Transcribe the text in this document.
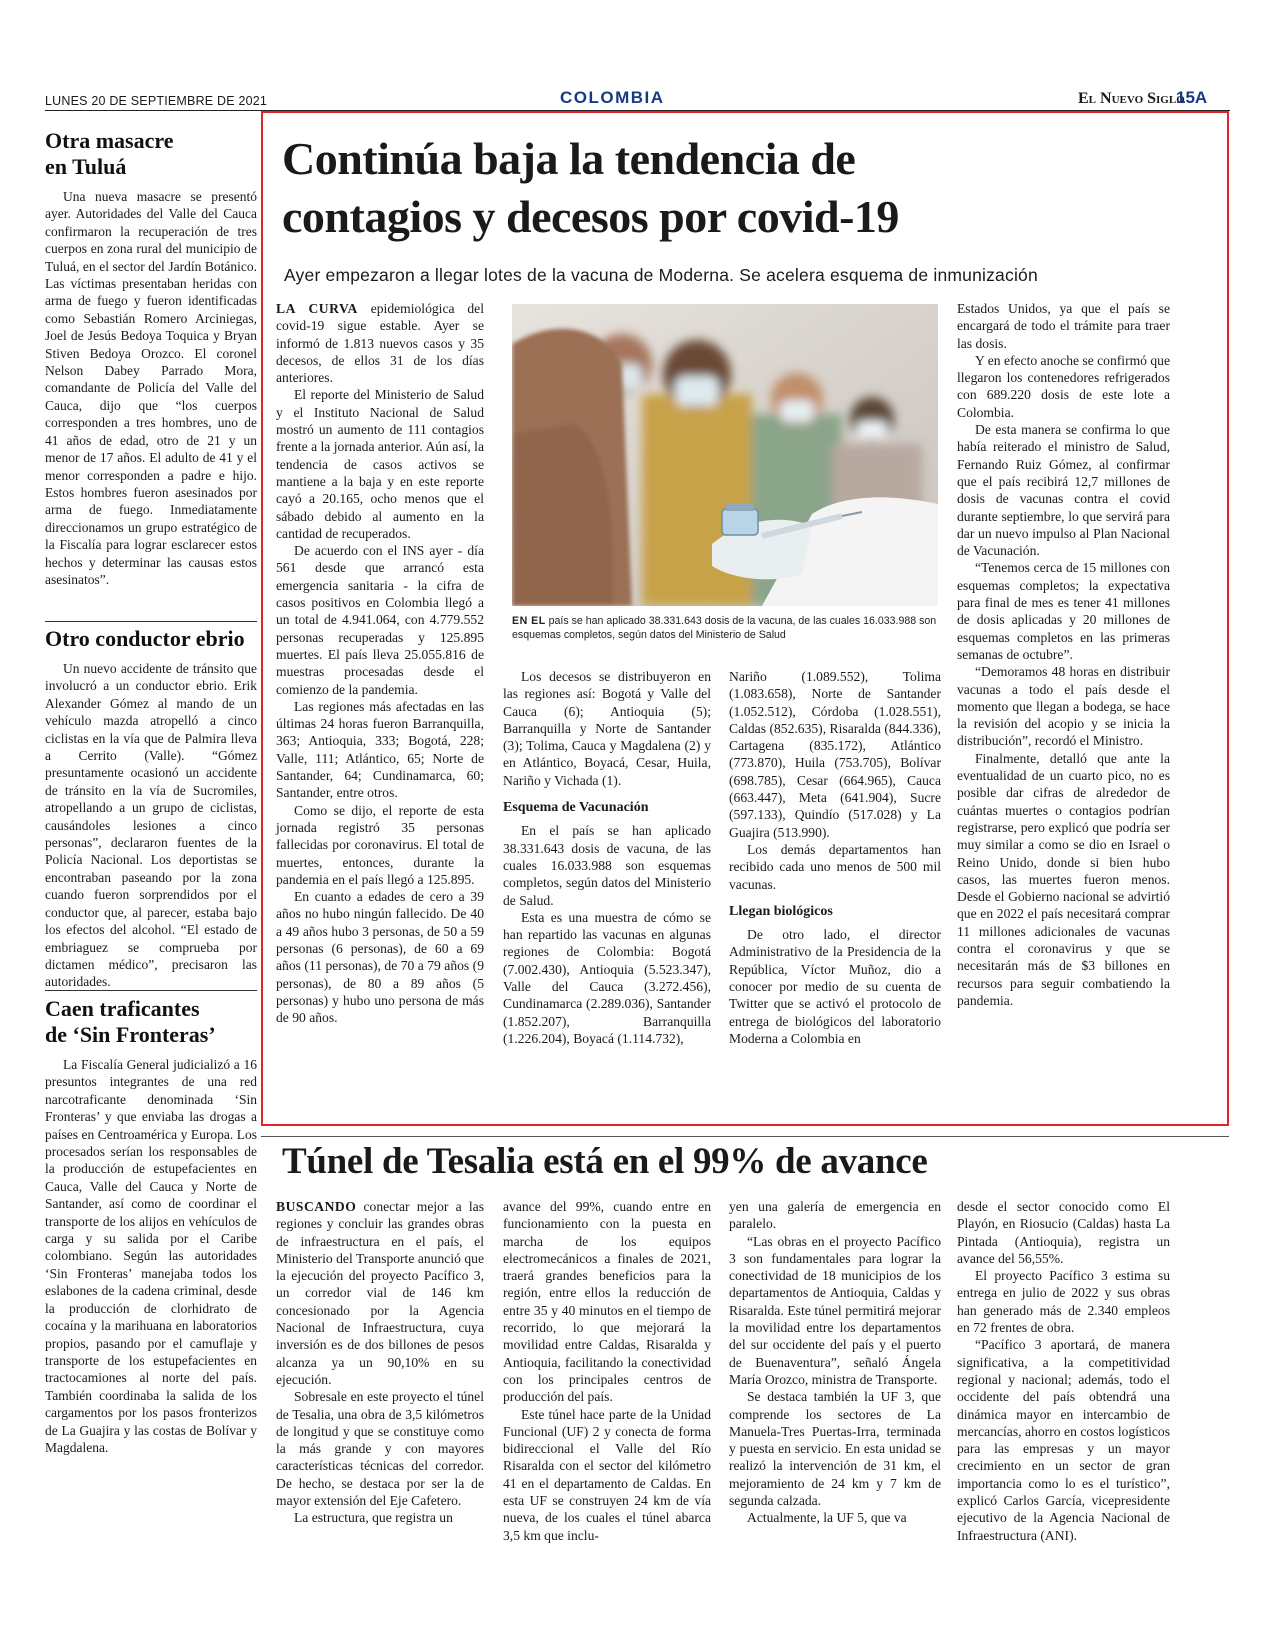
LUNES 20 DE SEPTIEMBRE DE 2021	COLOMBIA	El Nuevo Siglo
15A
Otra masacre
en Tuluá

Una nueva masacre se presentó ayer. Autoridades del Valle del Cauca confirmaron la recuperación de tres cuerpos en zona rural del municipio de Tuluá, en el sector del Jardín Botánico. Las víctimas presentaban heridas con arma de fuego y fueron identificadas como Sebastián Romero Arciniegas, Joel de Jesús Bedoya Toquica y Bryan Stiven Bedoya Orozco. El coronel Nelson Dabey Parrado Mora, comandante de Policía del Valle del Cauca, dijo que “los cuerpos corresponden a tres hombres, uno de 41 años de edad, otro de 21 y un menor de 17 años. El adulto de 41 y el menor corresponden a padre e hijo. Estos hombres fueron asesinados por arma de fuego. Inmediatamente direccionamos un grupo estratégico de la Fiscalía para lograr esclarecer estos hechos y determinar las causas estos asesinatos”.

Otro conductor ebrio

Un nuevo accidente de tránsito que involucró a un conductor ebrio. Erik Alexander Gómez al mando de un vehículo mazda atropelló a cinco ciclistas en la vía que de Palmira lleva a Cerrito (Valle). “Gómez presuntamente ocasionó un accidente de tránsito en la vía de Sucromiles, atropellando a un grupo de ciclistas, causándoles lesiones a cinco personas”, declararon fuentes de la Policía Nacional. Los deportistas se encontraban paseando por la zona cuando fueron sorprendidos por el conductor que, al parecer, estaba bajo los efectos del alcohol. “El estado de embriaguez se comprueba por dictamen médico”, precisaron las autoridades.

Caen traficantes
de ‘Sin Fronteras’

La Fiscalía General judicializó a 16 presuntos integrantes de una red narcotraficante denominada ‘Sin Fronteras’ y que enviaba las drogas a países en Centroamérica y Europa. Los procesados serían los responsables de la producción de estupefacientes en Cauca, Valle del Cauca y Norte de Santander, así como de coordinar el transporte de los alijos en vehículos de carga y su salida por el Caribe colombiano. Según las autoridades ‘Sin Fronteras’ manejaba todos los eslabones de la cadena criminal, desde la producción de clorhidrato de cocaína y la marihuana en laboratorios propios, pasando por el camuflaje y transporte de los estupefacientes en tractocamiones al norte del país. También coordinaba la salida de los cargamentos por los pasos fronterizos de La Guajira y las costas de Bolívar y Magdalena.

Continúa baja la tendencia de
contagios y decesos por covid-19
Ayer empezaron a llegar lotes de la vacuna de Moderna. Se acelera esquema de inmunización

LA CURVA epidemiológica del covid-19 sigue estable. Ayer se informó de 1.813 nuevos casos y 35 decesos, de ellos 31 de los días anteriores.

El reporte del Ministerio de Salud y el Instituto Nacional de Salud mostró un aumento de 111 contagios frente a la jornada anterior. Aún así, la tendencia de casos activos se mantiene a la baja y en este reporte cayó a 20.165, ocho menos que el sábado debido al aumento en la cantidad de recuperados.

De acuerdo con el INS ayer - día 561 desde que arrancó esta emergencia sanitaria - la cifra de casos positivos en Colombia llegó a un total de 4.941.064, con 4.779.552 personas recuperadas y 125.895 muertes. El país lleva 25.055.816 de muestras procesadas desde el comienzo de la pandemia.

Las regiones más afectadas en las últimas 24 horas fueron Barranquilla, 363; Antioquia, 333; Bogotá, 228; Valle, 111; Atlántico, 65; Norte de Santander, 64; Cundinamarca, 60; Santander, entre otros.

Como se dijo, el reporte de esta jornada registró 35 personas fallecidas por coronavirus. El total de muertes, entonces, durante la pandemia en el país llegó a 125.895.

En cuanto a edades de cero a 39 años no hubo ningún fallecido. De 40 a 49 años hubo 3 personas, de 50 a 59 personas (6 personas), de 60 a 69 años (11 personas), de 70 a 79 años (9 personas), de 80 a 89 años (5 personas) y hubo uno persona de más de 90 años.

EN EL país se han aplicado 38.331.643 dosis de la vacuna, de las cuales 16.033.988 son esquemas completos, según datos del Ministerio de Salud

Los decesos se distribuyeron en las regiones así: Bogotá y Valle del Cauca (6); Antioquia (5); Barranquilla y Norte de Santander (3); Tolima, Cauca y Magdalena (2) y en Atlántico, Boyacá, Cesar, Huila, Nariño y Vichada (1).

Esquema de Vacunación

En el país se han aplicado 38.331.643 dosis de vacuna, de las cuales 16.033.988 son esquemas completos, según datos del Ministerio de Salud.

Esta es una muestra de cómo se han repartido las vacunas en algunas regiones de Colombia: Bogotá (7.002.430), Antioquia (5.523.347), Valle del Cauca (3.272.456), Cundinamarca (2.289.036), Santander (1.852.207), Barranquilla (1.226.204), Boyacá (1.114.732),

Nariño (1.089.552), Tolima (1.083.658), Norte de Santander (1.052.512), Córdoba (1.028.551), Caldas (852.635), Risaralda (844.336), Cartagena (835.172), Atlántico (773.870), Huila (753.705), Bolívar (698.785), Cesar (664.965), Cauca (663.447), Meta (641.904), Sucre (597.133), Quindío (517.028) y La Guajira (513.990).

Los demás departamentos han recibido cada uno menos de 500 mil vacunas.

Llegan biológicos

De otro lado, el director Administrativo de la Presidencia de la República, Víctor Muñoz, dio a conocer por medio de su cuenta de Twitter que se activó el protocolo de entrega de biológicos del laboratorio Moderna a Colombia en

Estados Unidos, ya que el país se encargará de todo el trámite para traer las dosis.

Y en efecto anoche se confirmó que llegaron los contenedores refrigerados con 689.220 dosis de este lote a Colombia.

De esta manera se confirma lo que había reiterado el ministro de Salud, Fernando Ruiz Gómez, al confirmar que el país recibirá 12,7 millones de dosis de vacunas contra el covid durante septiembre, lo que servirá para dar un nuevo impulso al Plan Nacional de Vacunación.

“Tenemos cerca de 15 millones con esquemas completos; la expectativa para final de mes es tener 41 millones de dosis aplicadas y 20 millones de esquemas completos en las primeras semanas de octubre”.

“Demoramos 48 horas en distribuir vacunas a todo el país desde el momento que llegan a bodega, se hace la revisión del acopio y se inicia la distribución”, recordó el Ministro.

Finalmente, detalló que ante la eventualidad de un cuarto pico, no es posible dar cifras de alrededor de cuántas muertes o contagios podrían registrarse, pero explicó que podría ser muy similar a como se dio en Israel o Reino Unido, donde si bien hubo casos, las muertes fueron menos. Desde el Gobierno nacional se advirtió que en 2022 el país necesitará comprar 11 millones adicionales de vacunas contra el coronavirus y que se necesitarán más de $3 billones en recursos para seguir combatiendo la pandemia.

Túnel de Tesalia está en el 99% de avance

BUSCANDO conectar mejor a las regiones y concluir las grandes obras de infraestructura en el país, el Ministerio del Transporte anunció que la ejecución del proyecto Pacífico 3, un corredor vial de 146 km concesionado por la Agencia Nacional de Infraestructura, cuya inversión es de dos billones de pesos alcanza ya un 90,10% en su ejecución.

Sobresale en este proyecto el túnel de Tesalia, una obra de 3,5 kilómetros de longitud y que se constituye como la más grande y con mayores características técnicas del corredor. De hecho, se destaca por ser la de mayor extensión del Eje Cafetero.

La estructura, que registra un

avance del 99%, cuando entre en funcionamiento con la puesta en marcha de los equipos electromecánicos a finales de 2021, traerá grandes beneficios para la región, entre ellos la reducción de entre 35 y 40 minutos en el tiempo de recorrido, lo que mejorará la movilidad entre Caldas, Risaralda y Antioquia, facilitando la conectividad con los principales centros de producción del país.

Este túnel hace parte de la Unidad Funcional (UF) 2 y conecta de forma bidireccional el Valle del Río Risaralda con el sector del kilómetro 41 en el departamento de Caldas. En esta UF se construyen 24 km de vía nueva, de los cuales el túnel abarca 3,5 km que inclu-

yen una galería de emergencia en paralelo.

“Las obras en el proyecto Pacífico 3 son fundamentales para lograr la conectividad de 18 municipios de los departamentos de Antioquia, Caldas y Risaralda. Este túnel permitirá mejorar la movilidad entre los departamentos del sur occidente del país y el puerto de Buenaventura”, señaló Ángela María Orozco, ministra de Transporte.

Se destaca también la UF 3, que comprende los sectores de La Manuela-Tres Puertas-Irra, terminada y puesta en servicio. En esta unidad se realizó la intervención de 31 km, el mejoramiento de 24 km y 7 km de segunda calzada.

Actualmente, la UF 5, que va

desde el sector conocido como El Playón, en Riosucio (Caldas) hasta La Pintada (Antioquia), registra un avance del 56,55%.

El proyecto Pacífico 3 estima su entrega en julio de 2022 y sus obras han generado más de 2.340 empleos en 72 frentes de obra.

“Pacífico 3 aportará, de manera significativa, a la competitividad regional y nacional; además, todo el occidente del país obtendrá una dinámica mayor en intercambio de mercancías, ahorro en costos logísticos para las empresas y un mayor crecimiento en un sector de gran importancia como lo es el turístico”, explicó Carlos García, vicepresidente ejecutivo de la Agencia Nacional de Infraestructura (ANI).
